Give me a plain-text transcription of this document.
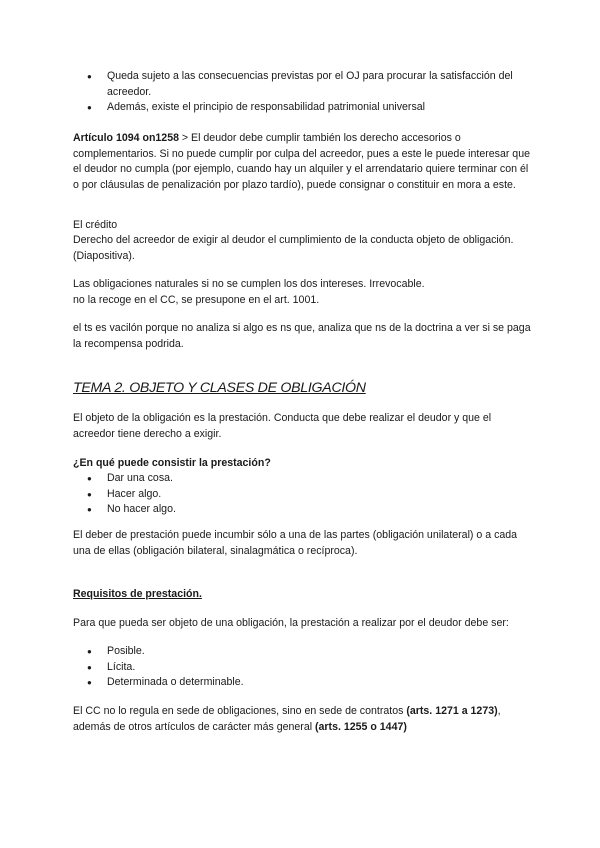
● Queda sujeto a las consecuencias previstas por el OJ para procurar la satisfacción del acreedor.
● Además, existe el principio de responsabilidad patrimonial universal

Artículo 1094 on1258 > El deudor debe cumplir también los derecho accesorios o complementarios. Si no puede cumplir por culpa del acreedor, pues a este le puede interesar que el deudor no cumpla (por ejemplo, cuando hay un alquiler y el arrendatario quiere terminar con él o por cláusulas de penalización por plazo tardío), puede consignar o constituir en mora a este.

El crédito

Derecho del acreedor de exigir al deudor el cumplimiento de la conducta objeto de obligación. (Diapositiva).

Las obligaciones naturales si no se cumplen los dos intereses. Irrevocable.

no la recoge en el CC, se presupone en el art. 1001.

el ts es vacilón porque no analiza si algo es ns que, analiza que ns de la doctrina a ver si se paga la recompensa podrida.

TEMA 2. OBJETO Y CLASES DE OBLIGACIÓN

El objeto de la obligación es la prestación. Conducta que debe realizar el deudor y que el acreedor tiene derecho a exigir.

¿En qué puede consistir la prestación?

● Dar una cosa.
● Hacer algo.
● No hacer algo.

El deber de prestación puede incumbir sólo a una de las partes (obligación unilateral) o a cada una de ellas (obligación bilateral, sinalagmática o recíproca).

Requisitos de prestación.

Para que pueda ser objeto de una obligación, la prestación a realizar por el deudor debe ser:

● Posible.
● Lícita.
● Determinada o determinable.

El CC no lo regula en sede de obligaciones, sino en sede de contratos (arts. 1271 a 1273), además de otros artículos de carácter más general (arts. 1255 o 1447)
